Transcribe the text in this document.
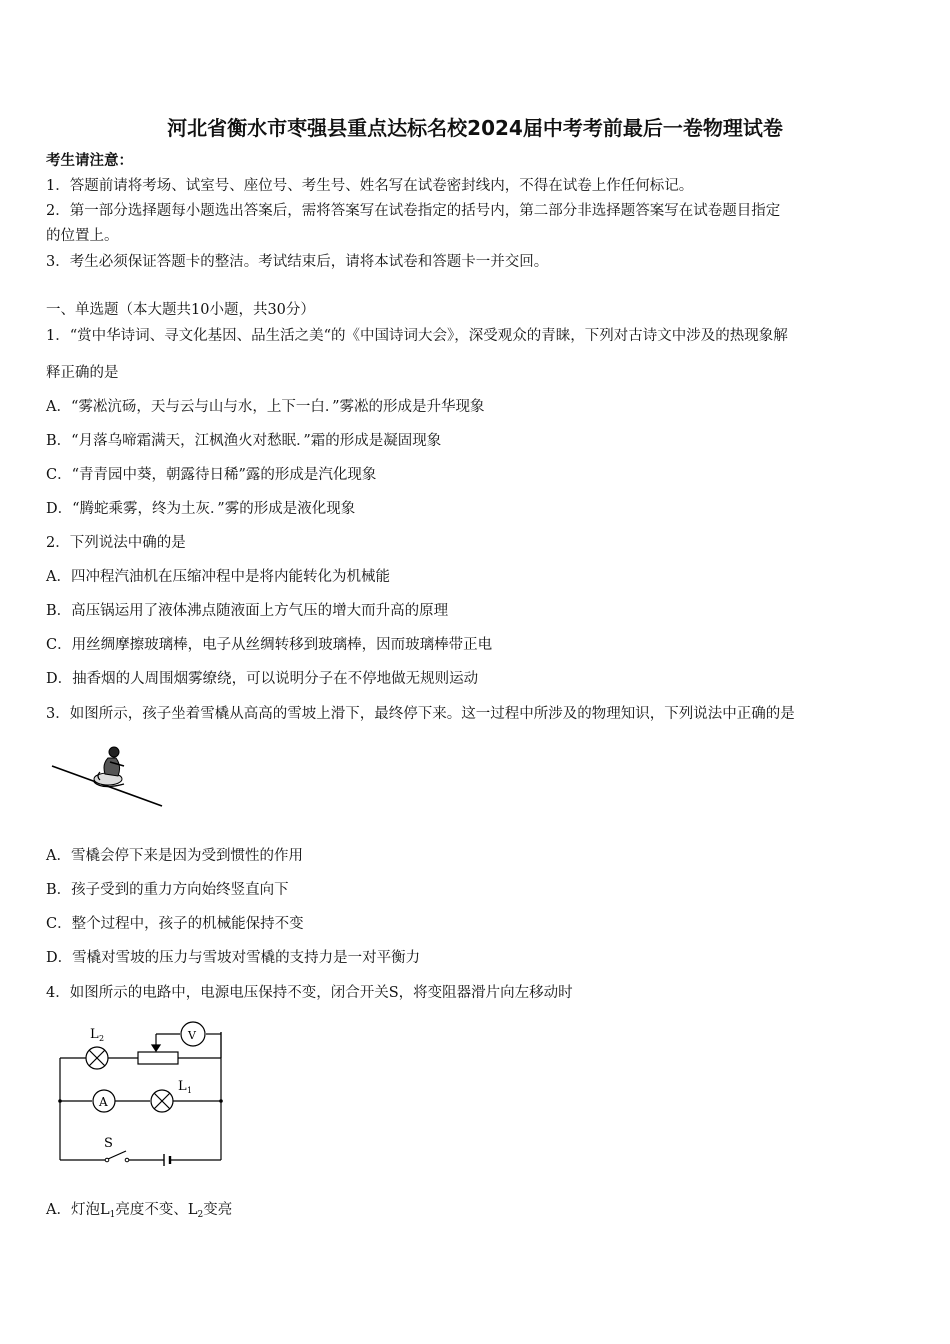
河北省衡水市枣强县重点达标名校2024届中考考前最后一卷物理试卷
考生请注意：
1．答题前请将考场、试室号、座位号、考生号、姓名写在试卷密封线内，不得在试卷上作任何标记。
2．第一部分选择题每小题选出答案后，需将答案写在试卷指定的括号内，第二部分非选择题答案写在试卷题目指定
的位置上。
3．考生必须保证答题卡的整洁。考试结束后，请将本试卷和答题卡一并交回。
一、单选题（本大题共10小题，共30分）
1．“赏中华诗词、寻文化基因、品生活之美“的《中国诗词大会》，深受观众的青睐，下列对古诗文中涉及的热现象解
释正确的是
A．“雾凇沆砀，天与云与山与水，上下一白．”雾凇的形成是升华现象
B．“月落乌啼霜满天，江枫渔火对愁眠．”霜的形成是凝固现象
C．“青青园中葵，朝露待日稀”露的形成是汽化现象
D．“腾蛇乘雾，终为土灰．”雾的形成是液化现象
2．下列说法中确的是
A．四冲程汽油机在压缩冲程中是将内能转化为机械能
B．高压锅运用了液体沸点随液面上方气压的增大而升高的原理
C．用丝绸摩擦玻璃棒，电子从丝绸转移到玻璃棒，因而玻璃棒带正电
D．抽香烟的人周围烟雾缭绕，可以说明分子在不停地做无规则运动
3．如图所示，孩子坐着雪橇从高高的雪坡上滑下，最终停下来。这一过程中所涉及的物理知识，下列说法中正确的是
A．雪橇会停下来是因为受到惯性的作用
B．孩子受到的重力方向始终竖直向下
C．整个过程中，孩子的机械能保持不变
D．雪橇对雪坡的压力与雪坡对雪橇的支持力是一对平衡力
4．如图所示的电路中，电源电压保持不变，闭合开关S，将变阻器滑片向左移动时
L 2	V
A
L 1
S
A．灯泡$L_1$亮度不变、$L_2$变亮
